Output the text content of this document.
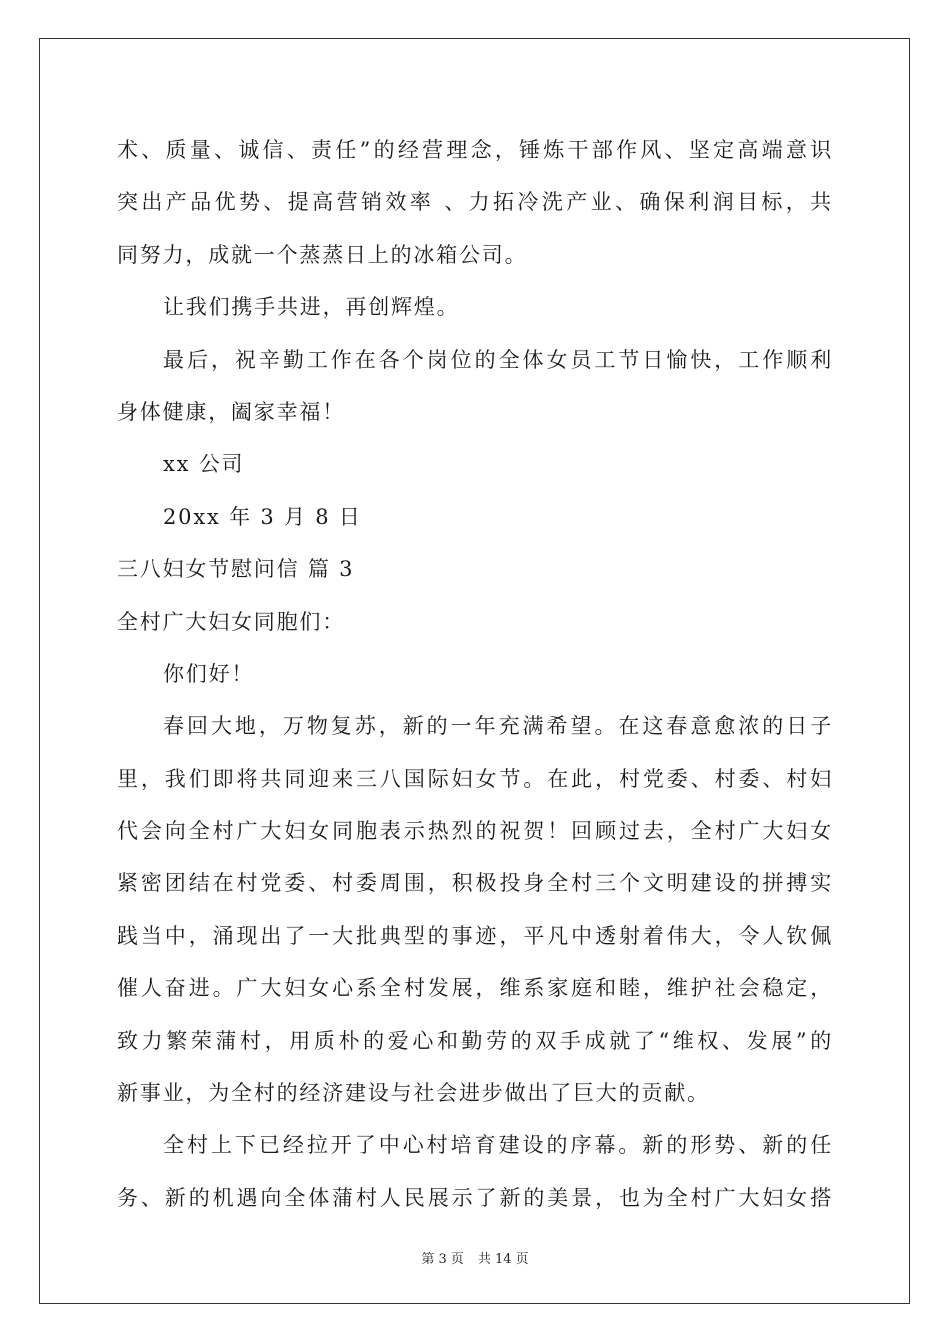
术、质量、诚信、责任”的经营理念，锤炼干部作风、坚定高端意识
突出产品优势、提高营销效率 、力拓冷洗产业、确保利润目标，共
同努力，成就一个蒸蒸日上的冰箱公司。
让我们携手共进，再创辉煌。
最后，祝辛勤工作在各个岗位的全体女员工节日愉快，工作顺利
身体健康，阖家幸福！
xx 公司
20xx 年 3 月 8 日
三八妇女节慰问信 篇 3
全村广大妇女同胞们：
你们好！
春回大地，万物复苏，新的一年充满希望。在这春意愈浓的日子
里，我们即将共同迎来三八国际妇女节。在此，村党委、村委、村妇
代会向全村广大妇女同胞表示热烈的祝贺！回顾过去，全村广大妇女
紧密团结在村党委、村委周围，积极投身全村三个文明建设的拼搏实
践当中，涌现出了一大批典型的事迹，平凡中透射着伟大，令人钦佩
催人奋进。广大妇女心系全村发展，维系家庭和睦，维护社会稳定，
致力繁荣蒲村，用质朴的爱心和勤劳的双手成就了“维权、发展”的
新事业，为全村的经济建设与社会进步做出了巨大的贡献。
全村上下已经拉开了中心村培育建设的序幕。新的形势、新的任
务、新的机遇向全体蒲村人民展示了新的美景，也为全村广大妇女搭
第 3 页 共 14 页
